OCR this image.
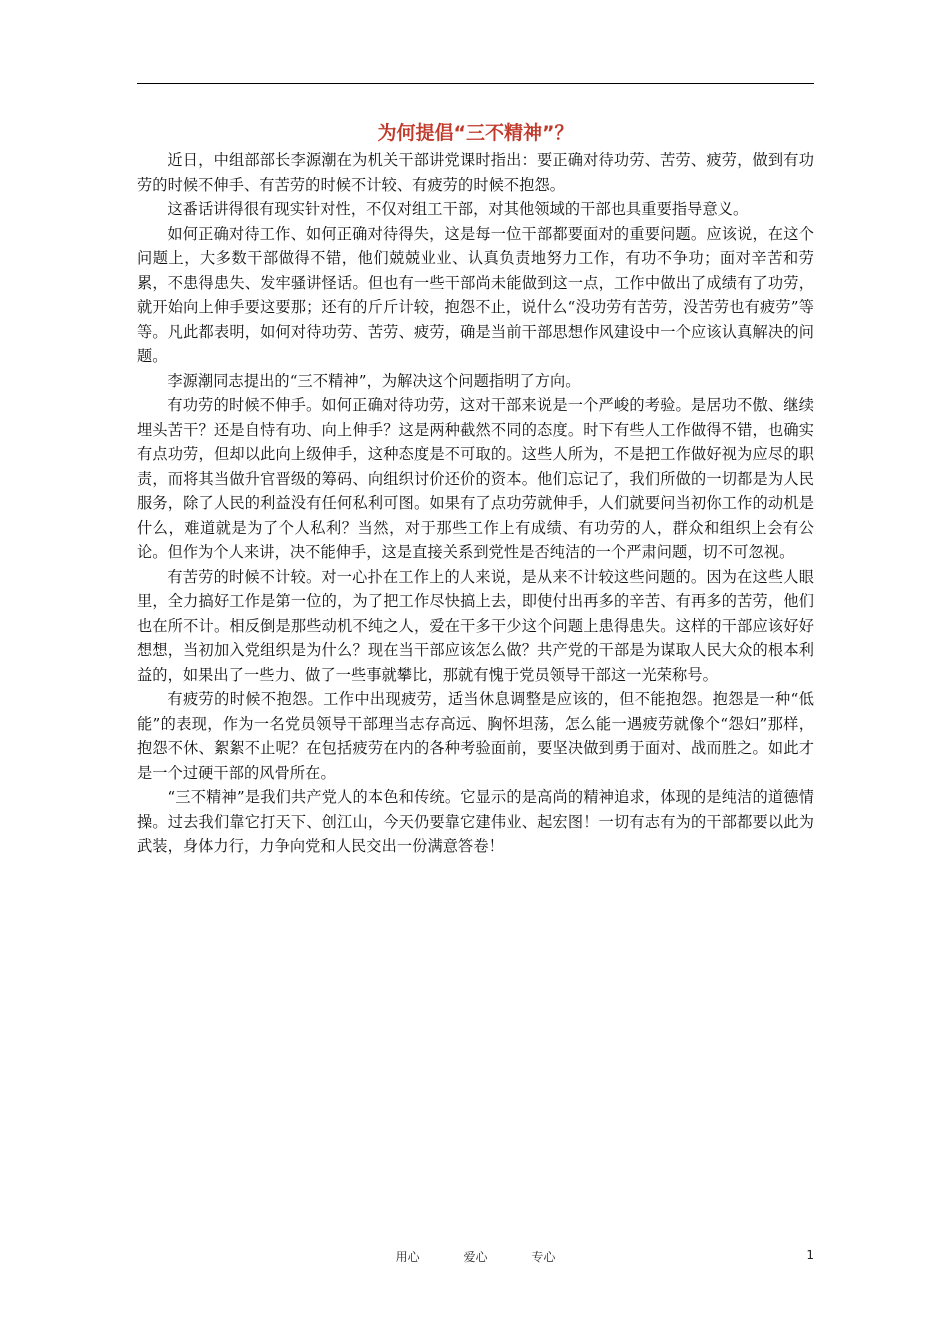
为何提倡“三不精神”？

近日，中组部部长李源潮在为机关干部讲党课时指出：要正确对待功劳、苦劳、疲劳，做到有功劳的时候不伸手、有苦劳的时候不计较、有疲劳的时候不抱怨。

这番话讲得很有现实针对性，不仅对组工干部，对其他领域的干部也具重要指导意义。

如何正确对待工作、如何正确对待得失，这是每一位干部都要面对的重要问题。应该说，在这个问题上，大多数干部做得不错，他们兢兢业业、认真负责地努力工作，有功不争功；面对辛苦和劳累，不患得患失、发牢骚讲怪话。但也有一些干部尚未能做到这一点，工作中做出了成绩有了功劳，就开始向上伸手要这要那；还有的斤斤计较，抱怨不止，说什么“没功劳有苦劳，没苦劳也有疲劳”等等。凡此都表明，如何对待功劳、苦劳、疲劳，确是当前干部思想作风建设中一个应该认真解决的问题。

李源潮同志提出的“三不精神”，为解决这个问题指明了方向。

有功劳的时候不伸手。如何正确对待功劳，这对干部来说是一个严峻的考验。是居功不傲、继续埋头苦干？还是自恃有功、向上伸手？这是两种截然不同的态度。时下有些人工作做得不错，也确实有点功劳，但却以此向上级伸手，这种态度是不可取的。这些人所为，不是把工作做好视为应尽的职责，而将其当做升官晋级的筹码、向组织讨价还价的资本。他们忘记了，我们所做的一切都是为人民服务，除了人民的利益没有任何私利可图。如果有了点功劳就伸手，人们就要问当初你工作的动机是什么，难道就是为了个人私利？当然，对于那些工作上有成绩、有功劳的人，群众和组织上会有公论。但作为个人来讲，决不能伸手，这是直接关系到党性是否纯洁的一个严肃问题，切不可忽视。

有苦劳的时候不计较。对一心扑在工作上的人来说，是从来不计较这些问题的。因为在这些人眼里，全力搞好工作是第一位的，为了把工作尽快搞上去，即使付出再多的辛苦、有再多的苦劳，他们也在所不计。相反倒是那些动机不纯之人，爱在干多干少这个问题上患得患失。这样的干部应该好好想想，当初加入党组织是为什么？现在当干部应该怎么做？共产党的干部是为谋取人民大众的根本利益的，如果出了一些力、做了一些事就攀比，那就有愧于党员领导干部这一光荣称号。

有疲劳的时候不抱怨。工作中出现疲劳，适当休息调整是应该的，但不能抱怨。抱怨是一种“低能”的表现，作为一名党员领导干部理当志存高远、胸怀坦荡，怎么能一遇疲劳就像个“怨妇”那样，抱怨不休、絮絮不止呢？在包括疲劳在内的各种考验面前，要坚决做到勇于面对、战而胜之。如此才是一个过硬干部的风骨所在。

“三不精神”是我们共产党人的本色和传统。它显示的是高尚的精神追求，体现的是纯洁的道德情操。过去我们靠它打天下、创江山，今天仍要靠它建伟业、起宏图！一切有志有为的干部都要以此为武装，身体力行，力争向党和人民交出一份满意答卷！

用心	爱心	专心	1
